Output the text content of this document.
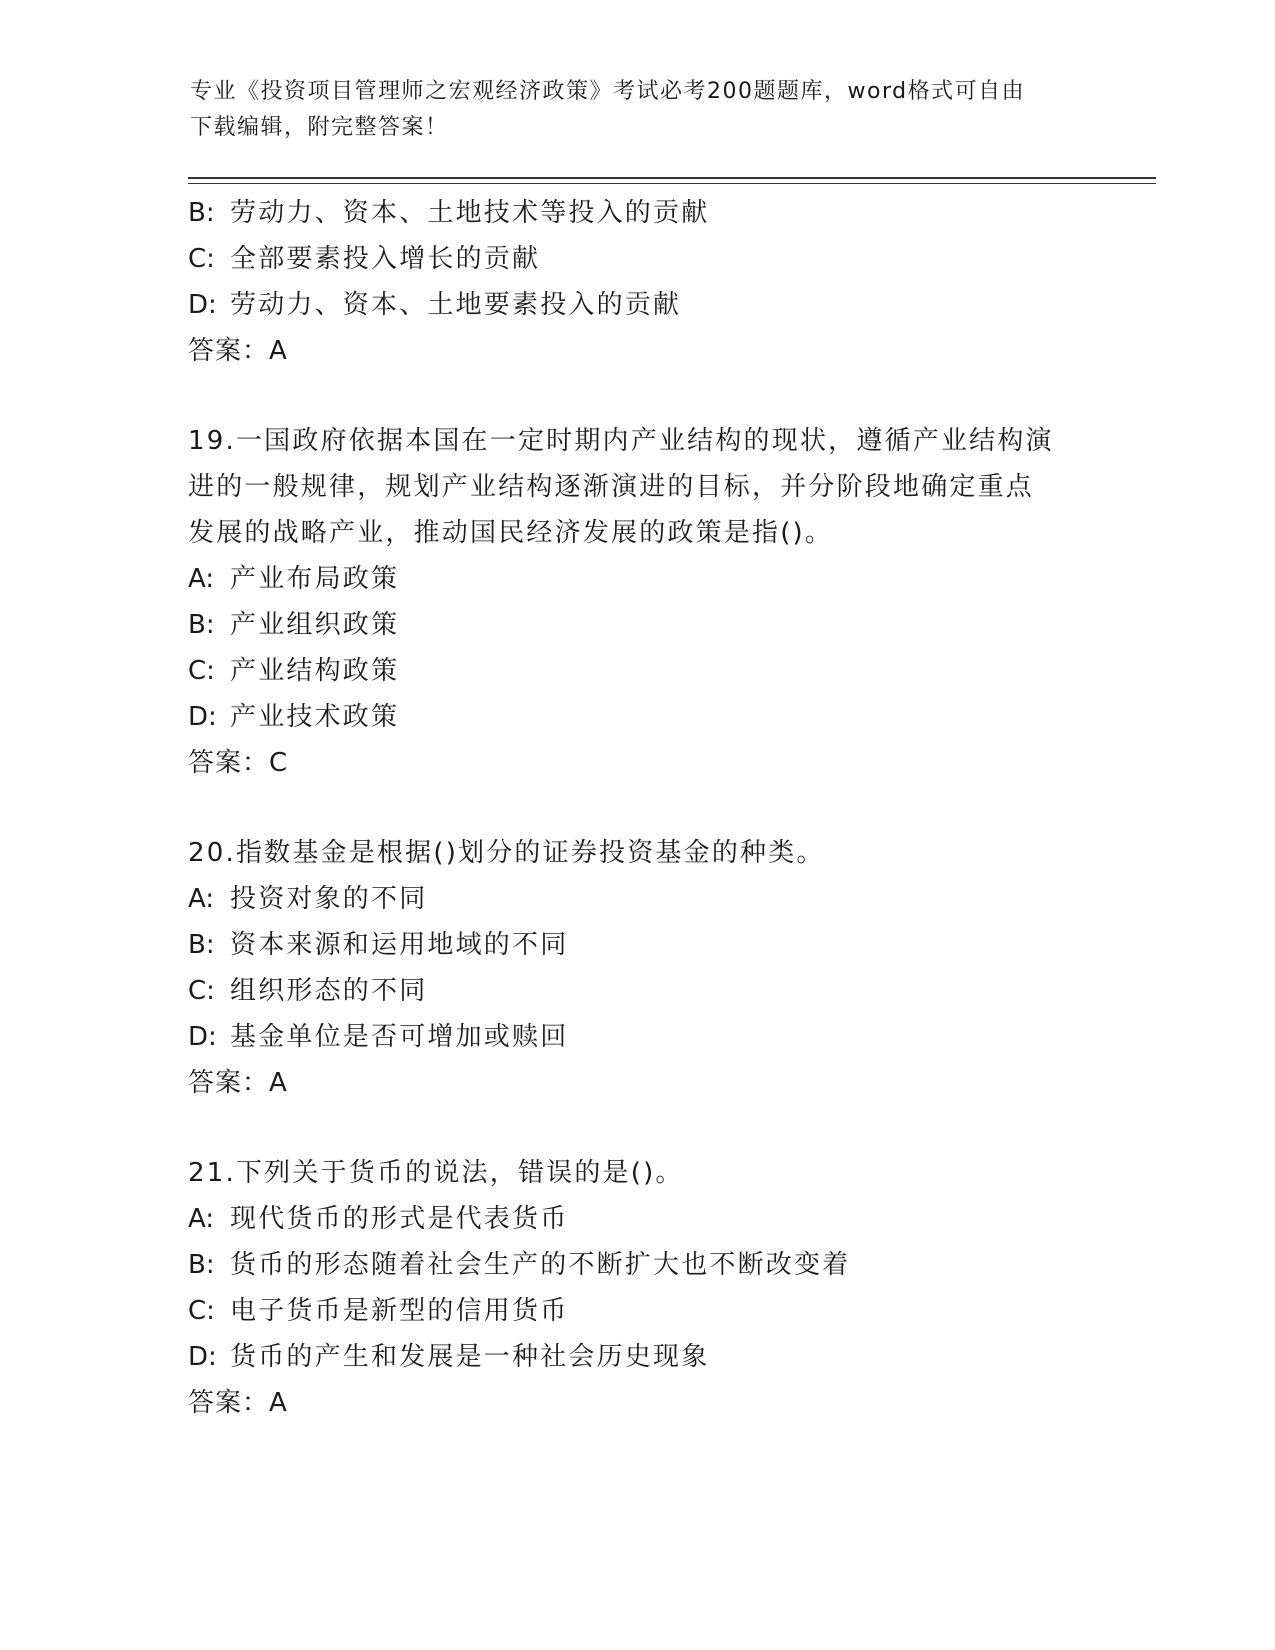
专业《投资项目管理师之宏观经济政策》考试必考200题题库，word格式可自由
下载编辑，附完整答案！
B: 劳动力、资本、土地技术等投入的贡献
C: 全部要素投入增长的贡献
D: 劳动力、资本、土地要素投入的贡献
答案：A
19.一国政府依据本国在一定时期内产业结构的现状，遵循产业结构演
进的一般规律，规划产业结构逐渐演进的目标，并分阶段地确定重点
发展的战略产业，推动国民经济发展的政策是指()。
A: 产业布局政策
B: 产业组织政策
C: 产业结构政策
D: 产业技术政策
答案：C
20.指数基金是根据()划分的证券投资基金的种类。
A: 投资对象的不同
B: 资本来源和运用地域的不同
C: 组织形态的不同
D: 基金单位是否可增加或赎回
答案：A
21.下列关于货币的说法，错误的是()。
A: 现代货币的形式是代表货币
B: 货币的形态随着社会生产的不断扩大也不断改变着
C: 电子货币是新型的信用货币
D: 货币的产生和发展是一种社会历史现象
答案：A
